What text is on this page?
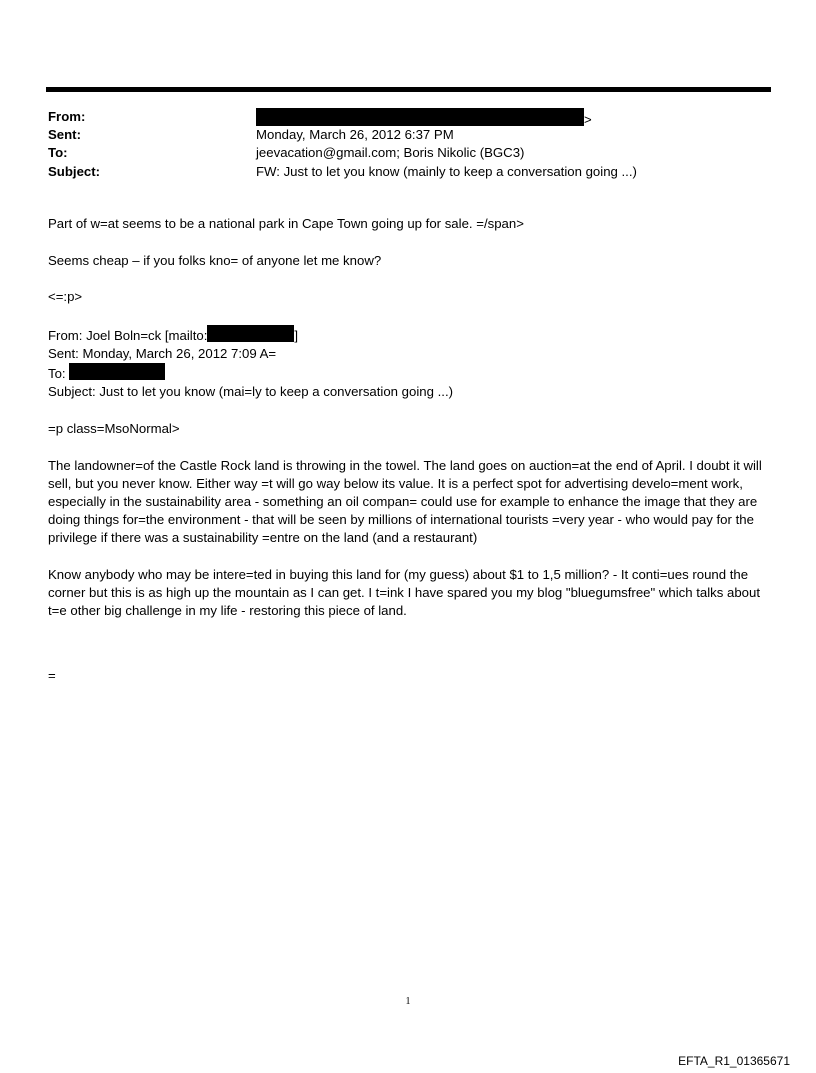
From:	>
Sent:	Monday, March 26, 2012 6:37 PM
To:	jeevacation@gmail.com; Boris Nikolic (BGC3)
Subject:	FW: Just to let you know (mainly to keep a conversation going ...)

Part of w=at seems to be a national park in Cape Town going up for sale. =/span>

Seems cheap – if you folks kno= of anyone let me know?

<=:p>

From: Joel Boln=ck [mailto:	]

Sent: Monday, March 26, 2012 7:09 A=

To:

Subject: Just to let you know (mai=ly to keep a conversation going ...)

=p class=MsoNormal>

The landowner=of the Castle Rock land is throwing in the towel. The land goes on auction=at the end of April. I doubt it will sell, but you never know. Either way =t will go way below its value. It is a perfect spot for advertising develo=ment work, especially in the sustainability area - something an oil compan= could use for example to enhance the image that they are doing things for=the environment - that will be seen by millions of international tourists =very year - who would pay for the privilege if there was a sustainability =entre on the land (and a restaurant)

Know anybody who may be intere=ted in buying this land for (my guess) about $1 to 1,5 million? - It conti=ues round the corner but this is as high up the mountain as I can get. I t=ink I have spared you my blog "bluegumsfree" which talks about t=e other big challenge in my life - restoring this piece of land.

=

1
EFTA_R1_01365671
